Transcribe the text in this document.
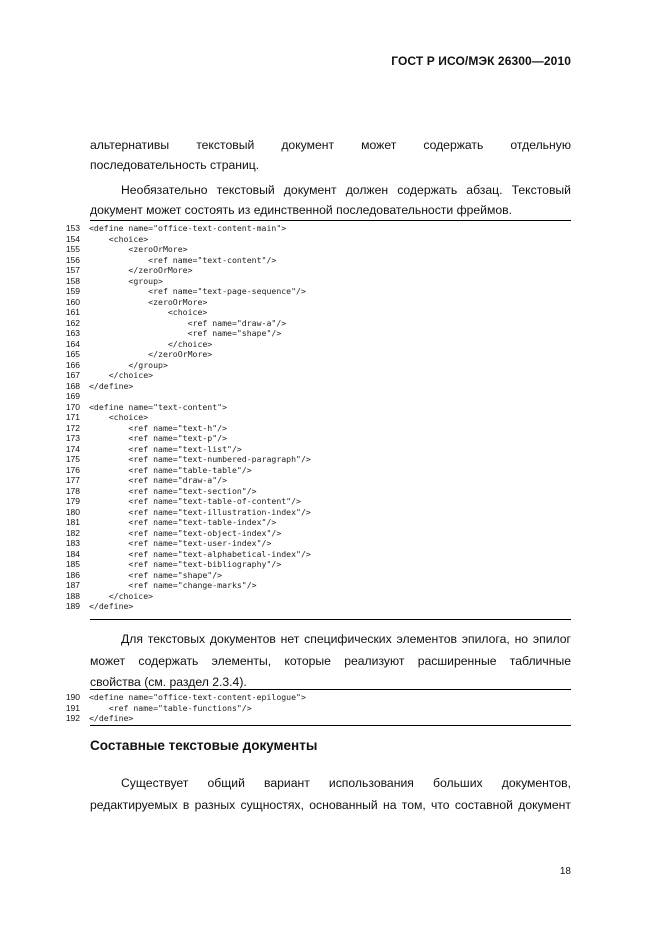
ГОСТ Р ИСО/МЭК 26300—2010
альтернативы текстовый документ может содержать отдельную
последовательность страниц.
Необязательно текстовый документ должен содержать абзац. Текстовый
документ может состоять из единственной последовательности фреймов.
153 <define name="office-text-content-main">
154 <choice>
155 <zeroOrMore>
156 <ref name="text-content"/>
157 </zeroOrMore>
158 <group>
159 <ref name="text-page-sequence"/>
160 <zeroOrMore>
161 <choice>
162 <ref name="draw-a"/>
163 <ref name="shape"/>
164 </choice>
165 </zeroOrMore>
166 </group>
167 </choice>
168 </define>
169
170 <define name="text-content">
171 <choice>
172 <ref name="text-h"/>
173 <ref name="text-p"/>
174 <ref name="text-list"/>
175 <ref name="text-numbered-paragraph"/>
176 <ref name="table-table"/>
177 <ref name="draw-a"/>
178 <ref name="text-section"/>
179 <ref name="text-table-of-content"/>
180 <ref name="text-illustration-index"/>
181 <ref name="text-table-index"/>
182 <ref name="text-object-index"/>
183 <ref name="text-user-index"/>
184 <ref name="text-alphabetical-index"/>
185 <ref name="text-bibliography"/>
186 <ref name="shape"/>
187 <ref name="change-marks"/>
188 </choice>
189 </define>
Для текстовых документов нет специфических элементов эпилога, но эпилог
может содержать элементы, которые реализуют расширенные табличные
свойства (см. раздел 2.3.4).
190 <define name="office-text-content-epilogue">
191 <ref name="table-functions"/>
192 </define>
Составные текстовые документы
Существует общий вариант использования больших документов,
редактируемых в разных сущностях, основанный на том, что составной документ
18
